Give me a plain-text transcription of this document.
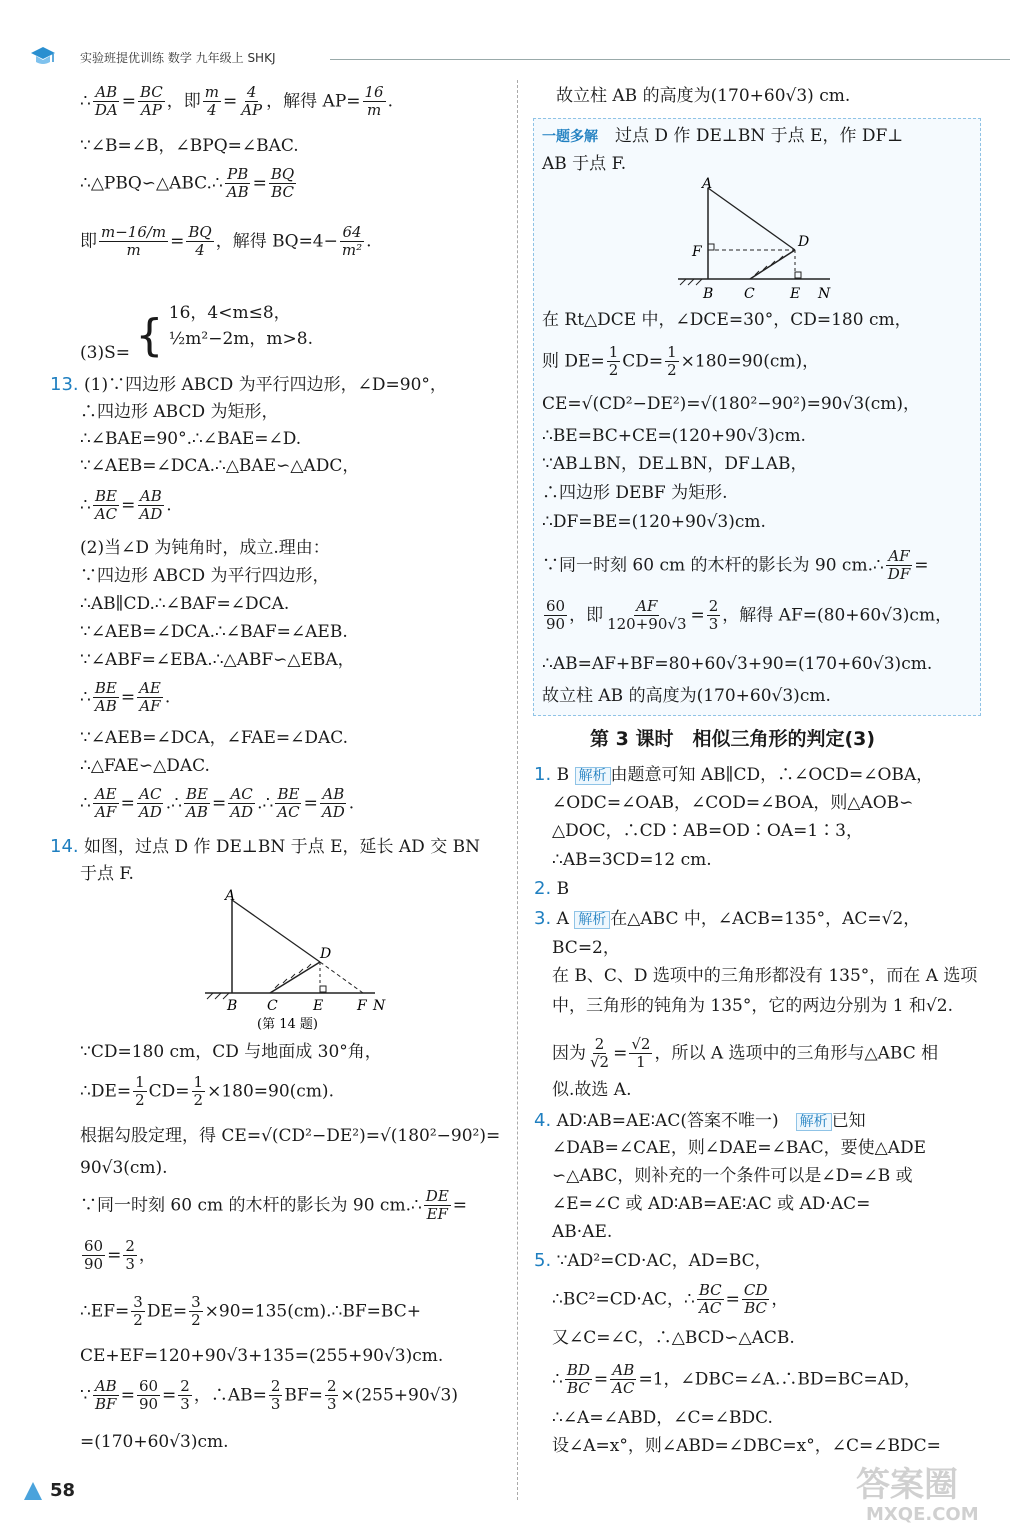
实验班提优训练 数学 九年级上 SHKJ
∴ $\frac{AB}{DA} = \frac{BC}{AP}$ ，即 $\frac{m}{4} = \frac{4}{AP}$ ，解得 $AP= \frac{16}{m}$ .
∵∠B=∠B，∠BPQ=∠BAC.
∴△PBQ∽△ABC.∴ $\frac{PB}{AB} = \frac{BQ}{BC}$
即 $\frac{m-16/m}{m} = \frac{BQ}{4}$ ，解得 $BQ=4- \frac{64}{\text{m²}}$ .
(3)S= { 16，4<m≤8，
½m²−2m，m>8.
13. (1)∵四边形 ABCD 为平行四边形，∠D=90°，
∴四边形 ABCD 为矩形，
∴∠BAE=90°.∴∠BAE=∠D.
∵∠AEB=∠DCA.∴△BAE∽△ADC，
∴ $\frac{BE}{AC} = \frac{AB}{AD}$ .
(2)当∠D 为钝角时，成立.理由：
∵四边形 ABCD 为平行四边形，
∴AB∥CD.∴∠BAF=∠DCA.
∵∠AEB=∠DCA.∴∠BAF=∠AEB.
∵∠ABF=∠EBA.∴△ABF∽△EBA，
∴ $\frac{BE}{AB} = \frac{AE}{AF}$ .
∵∠AEB=∠DCA，∠FAE=∠DAC.
∴△FAE∽△DAC.
∴ $\frac{AE}{AF} = \frac{AC}{AD}$ .∴ $\frac{BE}{AB} = \frac{AC}{AD}$ .∴ $\frac{BE}{AC} = \frac{AB}{AD}$ .
14. 如图，过点 D 作 DE⊥BN 于点 E，延长 AD 交 BN
于点 F.
A
D
B C	E F N
(第 14 题)
∵CD=180 cm，CD 与地面成 30°角，
∴DE= $\frac{1}{2} CD= \frac{1}{2} \times 180=90(cm)$.
根据勾股定理，得 CE=√(CD²−DE²)=√(180²−90²)=
90√3(cm).
∵同一时刻 60 cm 的木杆的影长为 90 cm.∴ $\frac{DE}{EF}$ =
$\frac{60}{90} = \frac{2}{3}$ ，
∴EF= $\frac{3}{2} DE= \frac{3}{2}$ ×90=135(cm).∴BF=BC+
CE+EF=120+90√3+135=(255+90√3)cm.
∵ $\frac{AB}{BF} = \frac{60}{90} = \frac{2}{3}$ ，∴AB= $\frac{2}{3} BF= \frac{2}{3} \times(255+90√3)$
=(170+60√3)cm.
故立柱 AB 的高度为(170+60√3) cm.
一题多解　 过点 D 作 DE⊥BN 于点 E，作 DF⊥
AB 于点 F.
A
F
D
B C	E N
在 Rt△DCE 中，∠DCE=30°，CD=180 cm，
则 $DE= \frac{1}{2} CD= \frac{1}{2} \times 180=90(cm)$，
CE=√(CD²−DE²)=√(180²−90²)=90√3(cm)，
∴BE=BC+CE=(120+90√3)cm.
∵AB⊥BN，DE⊥BN，DF⊥AB，
∴四边形 DEBF 为矩形.
∴DF=BE=(120+90√3)cm.
∵同一时刻 60 cm 的木杆的影长为 90 cm.∴ $\frac{AF}{DF}$ =
$\frac{60}{90}$ ，即 $\frac{AF}{120+90√3} = \frac{2}{3}$ ，解得 AF=(80+60√3)cm，
∴AB=AF+BF=80+60√3+90=(170+60√3)cm.
故立柱 AB 的高度为(170+60√3)cm.
第 3 课时　相似三角形的判定(3)
1. B 解析 由题意可知 AB∥CD，∴∠OCD=∠OBA，
∠ODC=∠OAB，∠COD=∠BOA，则△AOB∽
△DOC，∴CD∶AB=OD∶OA=1∶3，
∴AB=3CD=12 cm.
2. B
3. A 解析 在△ABC 中，∠ACB=135°，AC=√2，
BC=2，
在 B、C、D 选项中的三角形都没有 135°，而在 A 选项
中，三角形的钝角为 135°，它的两边分别为 1 和√2.
因为 $\frac{2}{√2} = \frac{√2}{1}$ ，所以 A 选项中的三角形与△ABC 相
似.故选 A.
4. AD∶AB=AE∶AC(答案不唯一)　 解析 已知
∠DAB=∠CAE，则∠DAE=∠BAC，要使△ADE
∽△ABC，则补充的一个条件可以是∠D=∠B 或
∠E=∠C 或 AD∶AB=AE∶AC 或 AD·AC=
AB·AE.
5. ∵AD²=CD·AC，AD=BC，
∴BC²=CD·AC，∴ $\frac{BC}{AC} = \frac{CD}{BC}$ ，
又∠C=∠C，∴△BCD∽△ACB.
∴ $\frac{BD}{BC} = \frac{AB}{AC} =1$，∠DBC=∠A.∴BD=BC=AD，
∴∠A=∠ABD，∠C=∠BDC.
设∠A=x°，则∠ABD=∠DBC=x°，∠C=∠BDC=
58	答案圈
MXQE.COM
